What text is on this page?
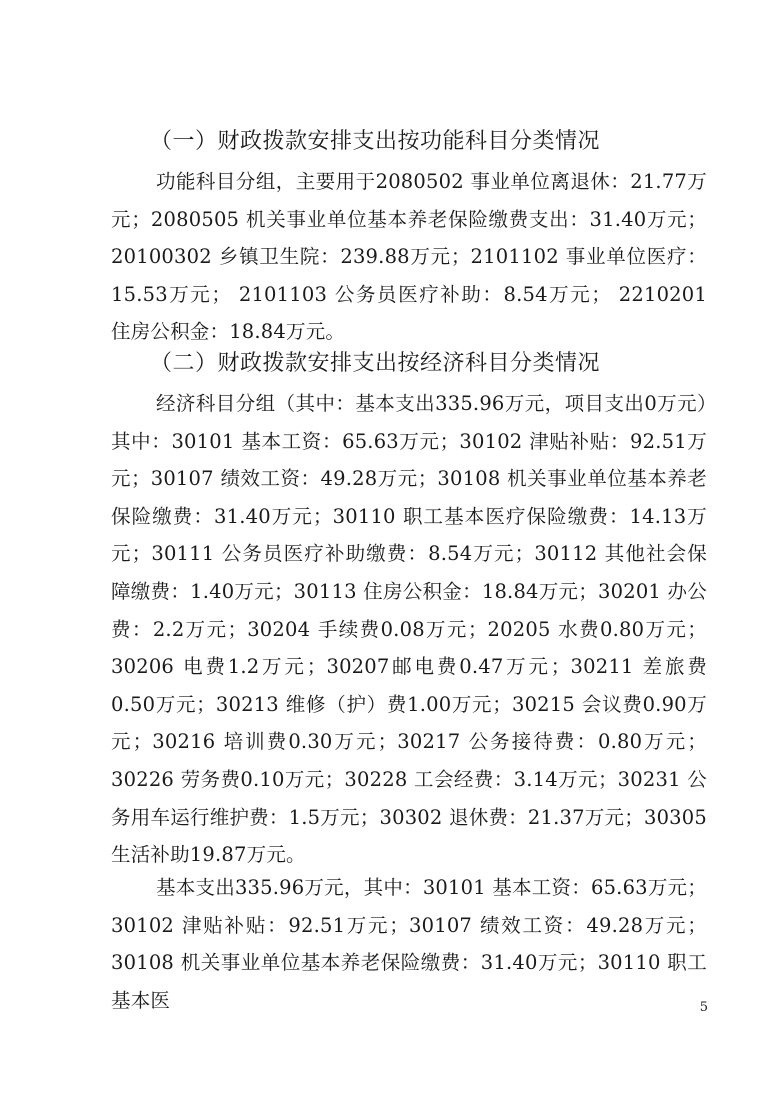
（一）财政拨款安排支出按功能科目分类情况

功能科目分组，主要用于2080502 事业单位离退休：21.77万元；2080505 机关事业单位基本养老保险缴费支出：31.40万元；20100302 乡镇卫生院：239.88万元；2101102 事业单位医疗：15.53万元； 2101103 公务员医疗补助：8.54万元； 2210201 住房公积金：18.84万元。

（二）财政拨款安排支出按经济科目分类情况

经济科目分组（其中：基本支出335.96万元，项目支出0万元）其中：30101 基本工资：65.63万元；30102 津贴补贴：92.51万元；30107 绩效工资：49.28万元；30108 机关事业单位基本养老保险缴费：31.40万元；30110 职工基本医疗保险缴费：14.13万元；30111 公务员医疗补助缴费：8.54万元；30112 其他社会保障缴费：1.40万元；30113 住房公积金：18.84万元；30201 办公费：2.2万元；30204 手续费0.08万元；20205 水费0.80万元；30206 电费1.2万元；30207邮电费0.47万元；30211 差旅费0.50万元；30213 维修（护）费1.00万元；30215 会议费0.90万元；30216 培训费0.30万元；30217 公务接待费：0.80万元；30226 劳务费0.10万元；30228 工会经费：3.14万元；30231 公务用车运行维护费：1.5万元；30302 退休费：21.37万元；30305生活补助19.87万元。

基本支出335.96万元，其中：30101 基本工资：65.63万元；30102 津贴补贴：92.51万元；30107 绩效工资：49.28万元；30108 机关事业单位基本养老保险缴费：31.40万元；30110 职工基本医	5
